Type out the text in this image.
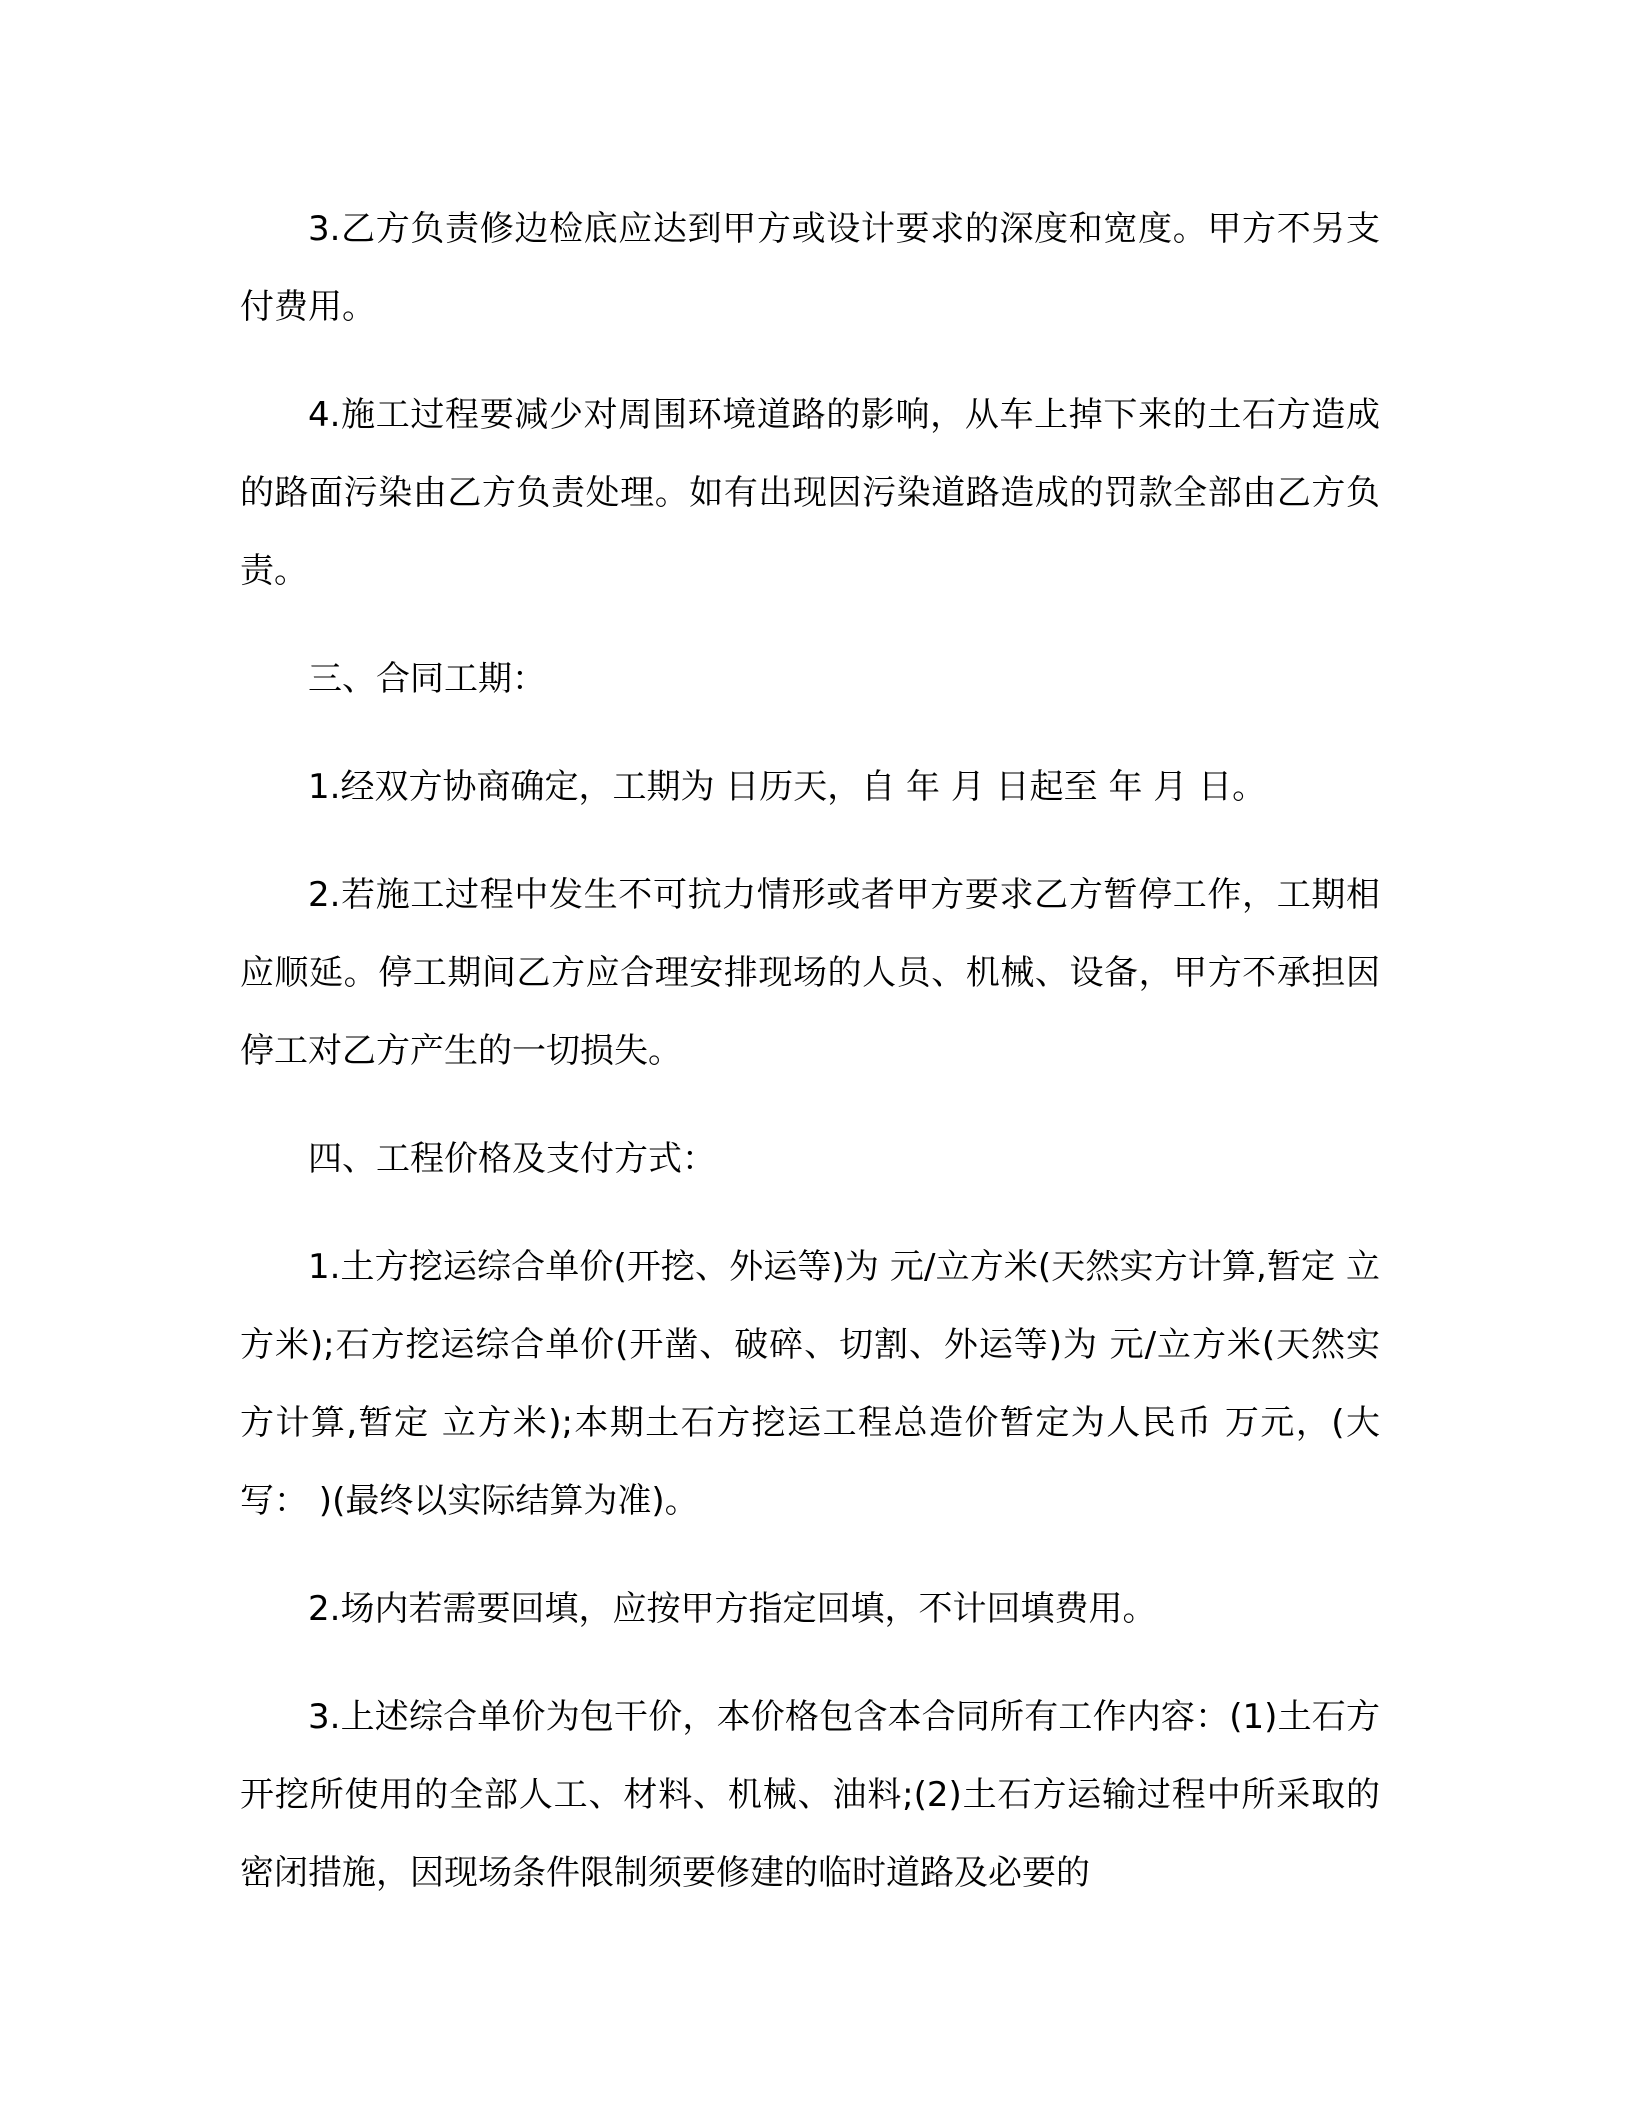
3.乙方负责修边检底应达到甲方或设计要求的深度和宽度。甲方不另支付费用。

4.施工过程要减少对周围环境道路的影响，从车上掉下来的土石方造成的路面污染由乙方负责处理。如有出现因污染道路造成的罚款全部由乙方负责。

三、合同工期：

1.经双方协商确定，工期为 日历天，自 年 月 日起至 年 月 日。

2.若施工过程中发生不可抗力情形或者甲方要求乙方暂停工作，工期相应顺延。停工期间乙方应合理安排现场的人员、机械、设备，甲方不承担因停工对乙方产生的一切损失。

四、工程价格及支付方式：

1.土方挖运综合单价(开挖、外运等)为 元/立方米(天然实方计算,暂定 立方米);石方挖运综合单价(开凿、破碎、切割、外运等)为 元/立方米(天然实方计算,暂定 立方米);本期土石方挖运工程总造价暂定为人民币 万元，(大写： )(最终以实际结算为准)。

2.场内若需要回填，应按甲方指定回填，不计回填费用。

3.上述综合单价为包干价，本价格包含本合同所有工作内容：(1)土石方开挖所使用的全部人工、材料、机械、油料;(2)土石方运输过程中所采取的密闭措施，因现场条件限制须要修建的临时道路及必要的
